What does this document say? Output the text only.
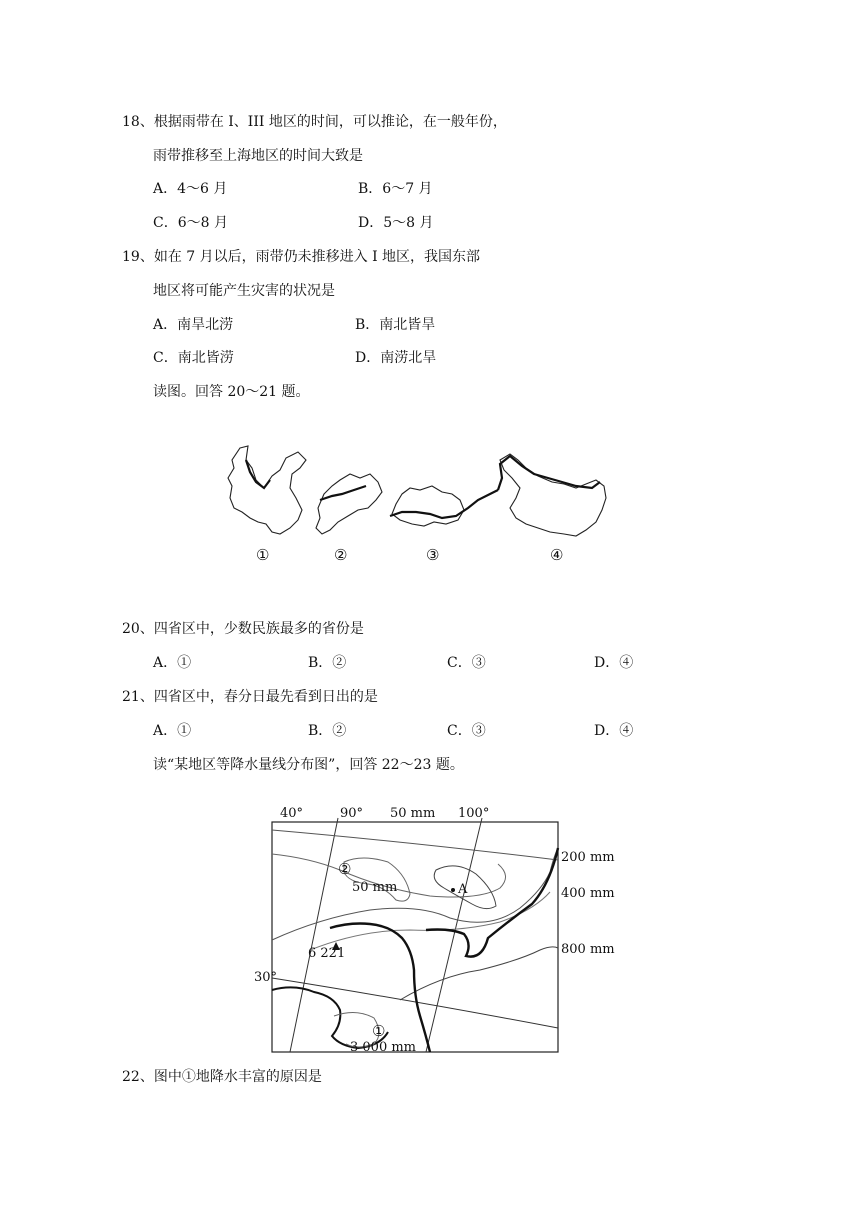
18、根据雨带在 I、III 地区的时间，可以推论，在一般年份，
雨带推移至上海地区的时间大致是
A．4～6 月	B．6～7 月
C．6～8 月	D．5～8 月
19、如在 7 月以后，雨带仍未推移进入 I 地区，我国东部
地区将可能产生灾害的状况是
A．南旱北涝	B．南北皆旱
C．南北皆涝	D．南涝北旱
读图。回答 20～21 题。
①	②	③	④
20、四省区中，少数民族最多的省份是
A．①	B．②	C．③	D．④
21、四省区中，春分日最先看到日出的是
A．①	B．②	C．③	D．④
读“某地区等降水量线分布图”，回答 22～23 题。
40°	90° 50 mm 100°
200 mm
400 mm
800 mm
②
50 mm	A
6 221
30°
①
3 000 mm
22、图中①地降水丰富的原因是
